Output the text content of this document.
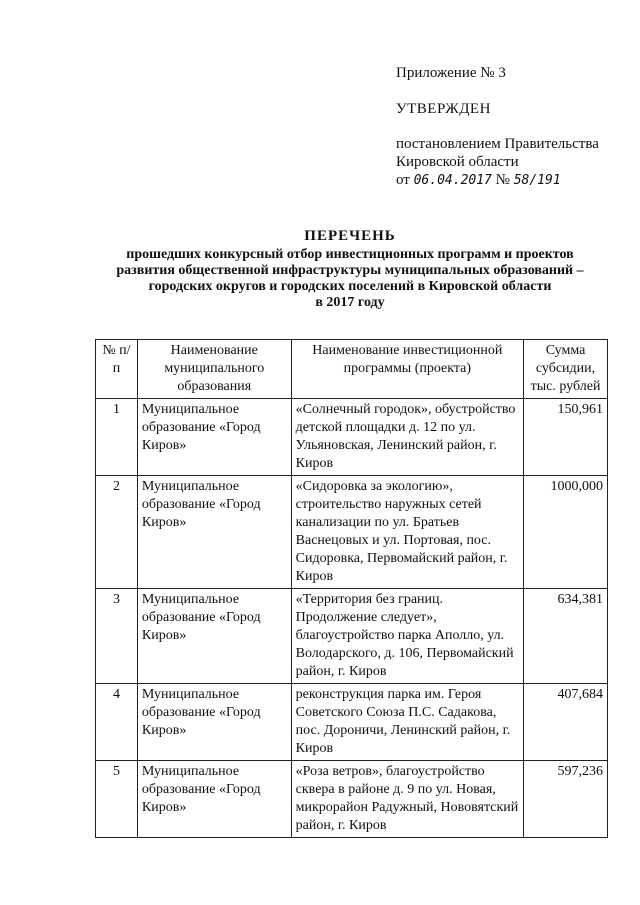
Приложение № 3
УТВЕРЖДЕН
постановлением Правительства
Кировской области
от 06.04.2017 № 58/191
ПЕРЕЧЕНЬ
прошедших конкурсный отбор инвестиционных программ и проектов
развития общественной инфраструктуры муниципальных образований –
городских округов и городских поселений в Кировской области
в 2017 году
№ п/п	Наименование муниципального образования	Наименование инвестиционной программы (проекта)	Сумма субсидии, тыс. рублей
1	Муниципальное образование «Город Киров»	«Солнечный городок», обустройство детской площадки д. 12 по ул. Ульяновская, Ленинский район, г. Киров	150,961
2	Муниципальное образование «Город Киров»	«Сидоровка за экологию», строительство наружных сетей канализации по ул. Братьев Васнецовых и ул. Портовая, пос. Сидоровка, Первомайский район, г. Киров	1000,000
3	Муниципальное образование «Город Киров»	«Территория без границ. Продолжение следует», благоустройство парка Аполло, ул. Володарского, д. 106, Первомайский район, г. Киров	634,381
4	Муниципальное образование «Город Киров»	реконструкция парка им. Героя Советского Союза П.С. Садакова, пос. Дороничи, Ленинский район, г. Киров	407,684
5	Муниципальное образование «Город Киров»	«Роза ветров», благоустройство сквера в районе д. 9 по ул. Новая, микрорайон Радужный, Нововятский район, г. Киров	597,236
